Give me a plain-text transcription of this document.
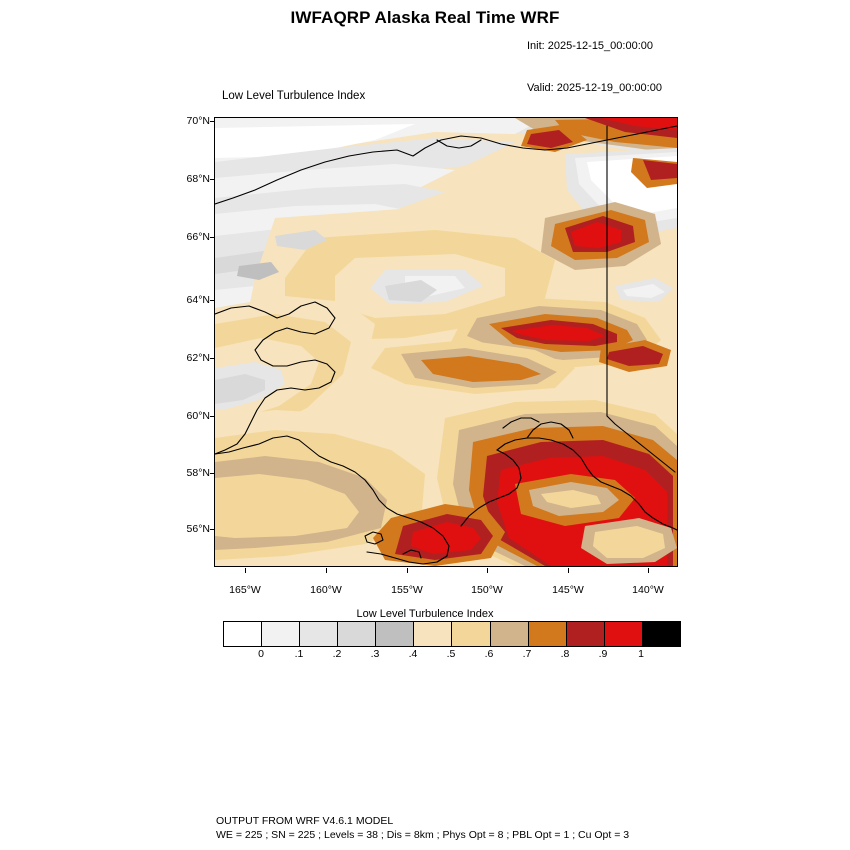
IWFAQRP Alaska Real Time WRF

Init: 2025-12-15_00:00:00

Valid: 2025-12-19_00:00:00

Low Level Turbulence Index
70°N
68°N
66°N
64°N
62°N
60°N
58°N
56°N
165°W	160°W	155°W	150°W	145°W	140°W
Low Level Turbulence Index
0	.1	.2	.3	.4	.5	.6	.7	.8	.9	1
OUTPUT FROM WRF V4.6.1 MODEL
WE = 225 ; SN = 225 ; Levels = 38 ; Dis = 8km ; Phys Opt = 8 ; PBL Opt = 1 ; Cu Opt = 3
